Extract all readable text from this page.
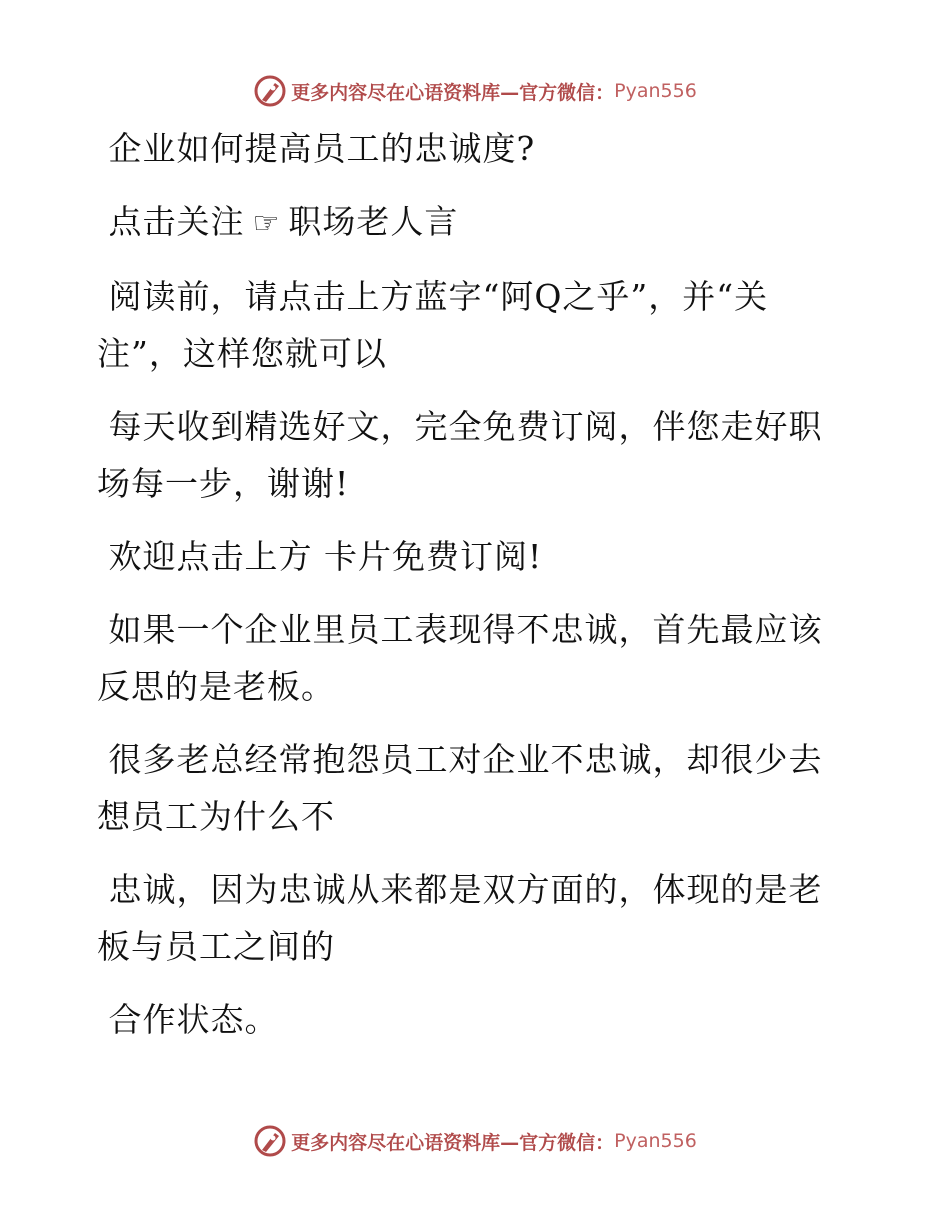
更多内容尽在心语资料库—官方微信： Pyan556

企业如何提高员工的忠诚度?

点击关注 ☞ 职场老人言

阅读前，请点击上方蓝字“阿Q之乎”，并“关注”，这样您就可以

每天收到精选好文，完全免费订阅，伴您走好职场每一步，谢谢!

欢迎点击上方 卡片免费订阅!

如果一个企业里员工表现得不忠诚，首先最应该反思的是老板。

很多老总经常抱怨员工对企业不忠诚，却很少去想员工为什么不

忠诚，因为忠诚从来都是双方面的，体现的是老板与员工之间的

合作状态。

更多内容尽在心语资料库—官方微信： Pyan556
